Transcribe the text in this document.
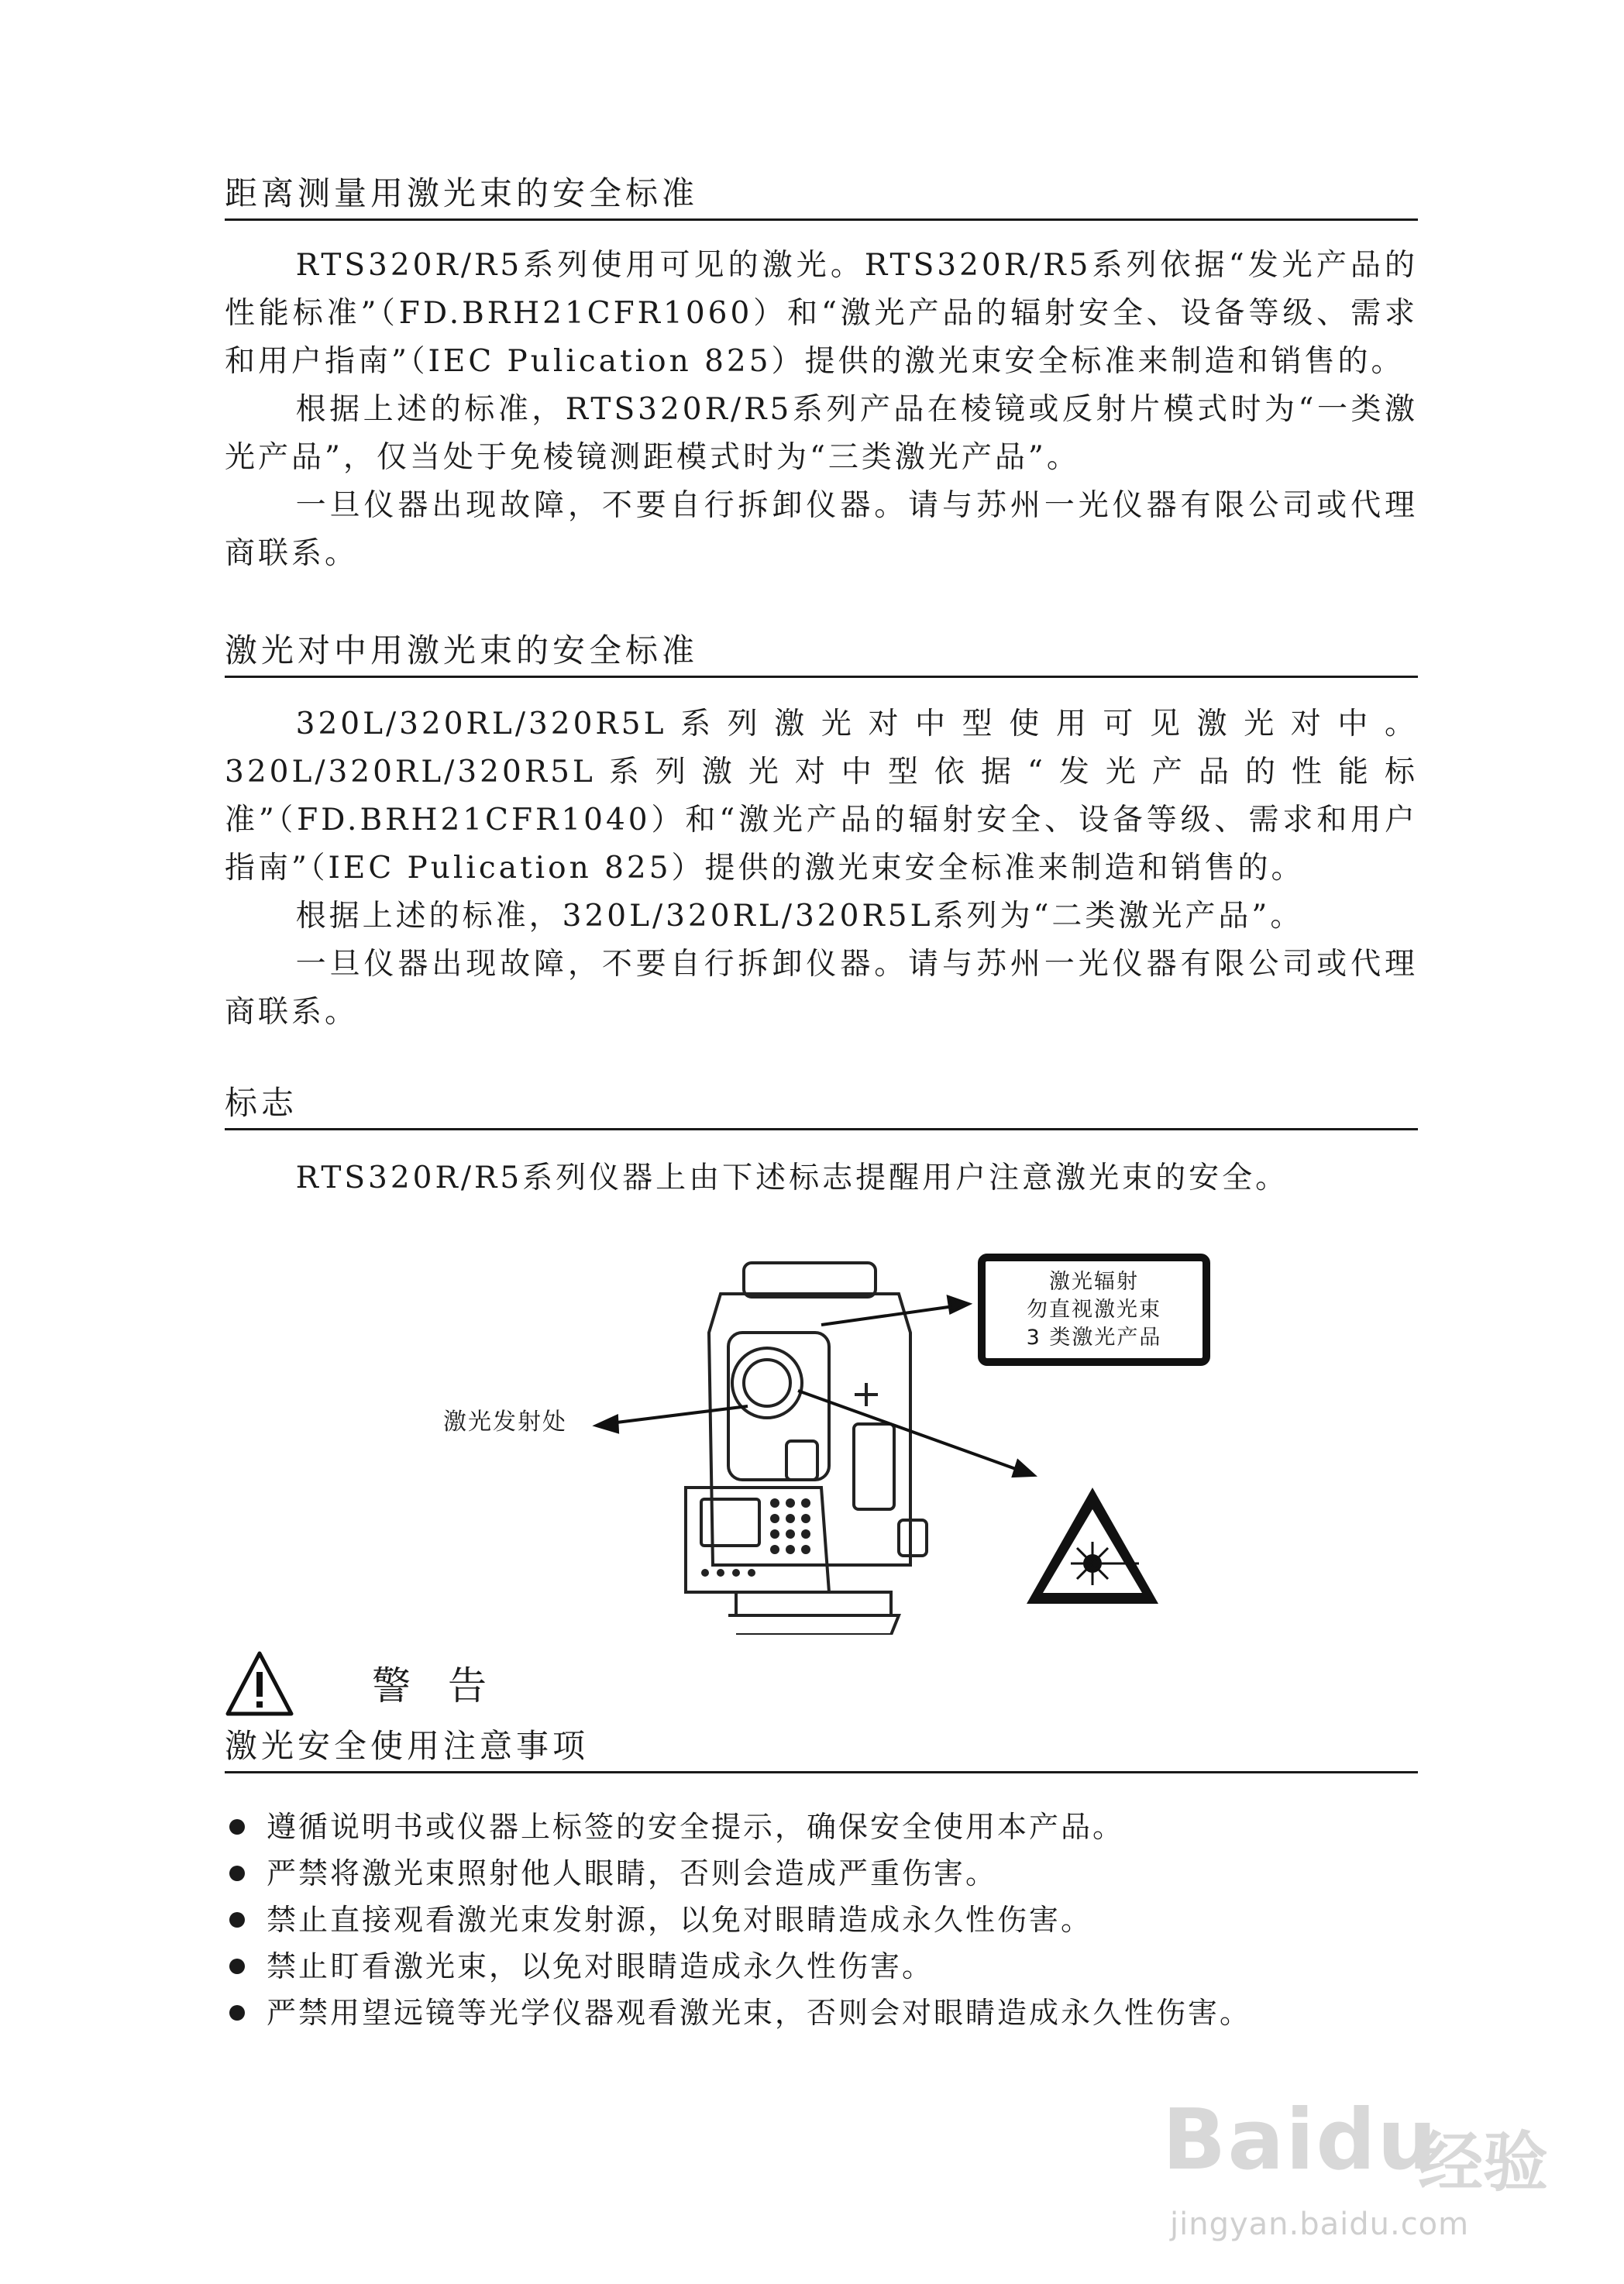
距离测量用激光束的安全标准

RTS320R/R5系列使用可见的激光。RTS320R/R5系列依据“发光产品的性能标准”（FD.BRH21CFR1060）和“激光产品的辐射安全、设备等级、需求和用户指南”（IEC Pulication 825）提供的激光束安全标准来制造和销售的。

根据上述的标准，RTS320R/R5系列产品在棱镜或反射片模式时为“一类激光产品”，仅当处于免棱镜测距模式时为“三类激光产品”。

一旦仪器出现故障，不要自行拆卸仪器。请与苏州一光仪器有限公司或代理商联系。

激光对中用激光束的安全标准

320L/320RL/320R5L系列激光对中型使用可见激光对中。320L/320RL/320R5L系列激光对中型依据“发光产品的性能标准”（FD.BRH21CFR1040）和“激光产品的辐射安全、设备等级、需求和用户指南”（IEC Pulication 825）提供的激光束安全标准来制造和销售的。

根据上述的标准，320L/320RL/320R5L系列为“二类激光产品”。

一旦仪器出现故障，不要自行拆卸仪器。请与苏州一光仪器有限公司或代理商联系。

标志

RTS320R/R5系列仪器上由下述标志提醒用户注意激光束的安全。

激光发射处
激光辐射
勿直视激光束
3 类激光产品
警告
激光安全使用注意事项
遵循说明书或仪器上标签的安全提示，确保安全使用本产品。
严禁将激光束照射他人眼睛，否则会造成严重伤害。
禁止直接观看激光束发射源，以免对眼睛造成永久性伤害。
禁止盯看激光束，以免对眼睛造成永久性伤害。
严禁用望远镜等光学仪器观看激光束，否则会对眼睛造成永久性伤害。
Baidu
经验
jingyan.baidu.com
